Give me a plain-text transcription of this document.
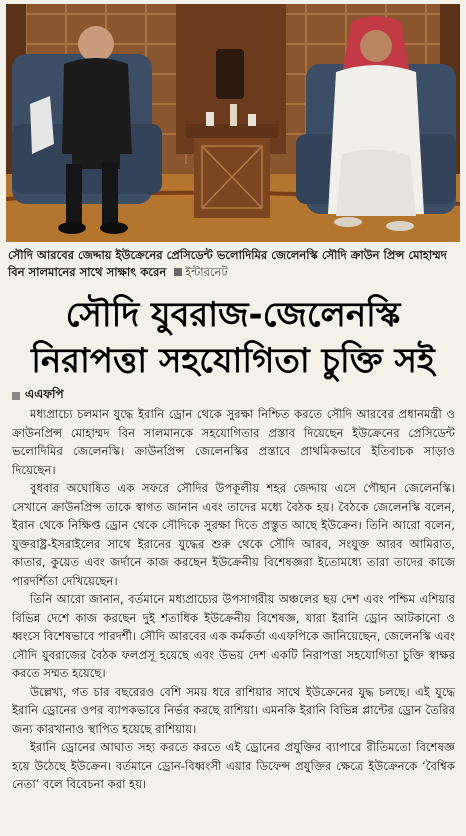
সৌদি আরবের জেদ্দায় ইউক্রেনের প্রেসিডেন্ট ভলোদিমির জেলেনস্কি সৌদি ক্রাউন প্রিন্স মোহাম্মদ বিন সালমানের সাথে সাক্ষাৎ করেন ইন্টারনেট
সৌদি যুবরাজ-জেলেনস্কি
নিরাপত্তা সহযোগিতা চুক্তি সই
এএফপি

মধ্যপ্রাচ্যে চলমান যুদ্ধে ইরানি ড্রোন থেকে সুরক্ষা নিশ্চিত করতে সৌদি আরবের প্রধানমন্ত্রী ও ক্রাউনপ্রিন্স মোহাম্মদ বিন সালমানকে সহযোগিতার প্রস্তাব দিয়েছেন ইউক্রেনের প্রেসিডেন্ট ভলোদিমির জেলেনস্কি। ক্রাউনপ্রিন্স জেলেনস্কির প্রস্তাবে প্রাথমিকভাবে ইতিবাচক সাড়াও দিয়েছেন।

বুধবার অঘোষিত এক সফরে সৌদির উপকূলীয় শহর জেদ্দায় এসে পৌছান জেলেনস্কি। সেখানে ক্রাউনপ্রিন্স তাকে স্বাগত জানান এবং তাদের মধ্যে বৈঠক হয়। বৈঠকে জেলেনস্কি বলেন, ইরান থেকে নিক্ষিপ্ত ড্রোন থেকে সৌদিকে সুরক্ষা দিতে প্রস্তুত আছে ইউক্রেন। তিনি আরো বলেন, যুক্তরাষ্ট্র-ইসরাইলের সাথে ইরানের যুদ্ধের শুরু থেকে সৌদি আরব, সংযুক্ত আরব আমিরাত, কাতার, কুয়েত এবং জর্দানে কাজ করছেন ইউক্রেনীয় বিশেষজ্ঞরা ইতোমধ্যে তারা তাদের কাজে পারদর্শিতা দেখিয়েছেন।

তিনি আরো জানান, বর্তমানে মধ্যপ্রাচ্যের উপসাগরীয় অঞ্চলের ছয় দেশ এবং পশ্চিম এশিয়ার বিভিন্ন দেশে কাজ করছেন দুই শতাধিক ইউক্রেনীয় বিশেষজ্ঞ, যারা ইরানি ড্রোন আটকানো ও ধ্বংসে বিশেষভাবে পারদর্শী। সৌদি আরবের এক কর্মকর্তা এএফপিকে জানিয়েছেন, জেলেনস্কি এবং সৌদি যুবরাজের বৈঠক ফলপ্রসূ হয়েছে এবং উভয় দেশ একটি নিরাপত্তা সহযোগিতা চুক্তি স্বাক্ষর করতে সম্মত হয়েছে।

উল্লেখ্য, গত চার বছরেরও বেশি সময় ধরে রাশিয়ার সাথে ইউক্রেনের যুদ্ধ চলছে। এই যুদ্ধে ইরানি ড্রোনের ওপর ব্যাপকভাবে নির্ভর করছে রাশিয়া। এমনকি ইরানি বিভিন্ন প্লান্টের ড্রোন তৈরির জন্য কারখানাও স্থাপিত হয়েছে রাশিয়ায়।

ইরানি ড্রোনের আঘাত সহ্য করতে করতে এই ড্রোনের প্রযুক্তির ব্যাপারে রীতিমতো বিশেষজ্ঞ হয়ে উঠেছে ইউক্রেন। বর্তমানে ড্রোন-বিধ্বংসী এয়ার ডিফেন্স প্রযুক্তির ক্ষেত্রে ইউক্রেনকে ‘বৈশ্বিক নেতা’ বলে বিবেচনা করা হয়।
